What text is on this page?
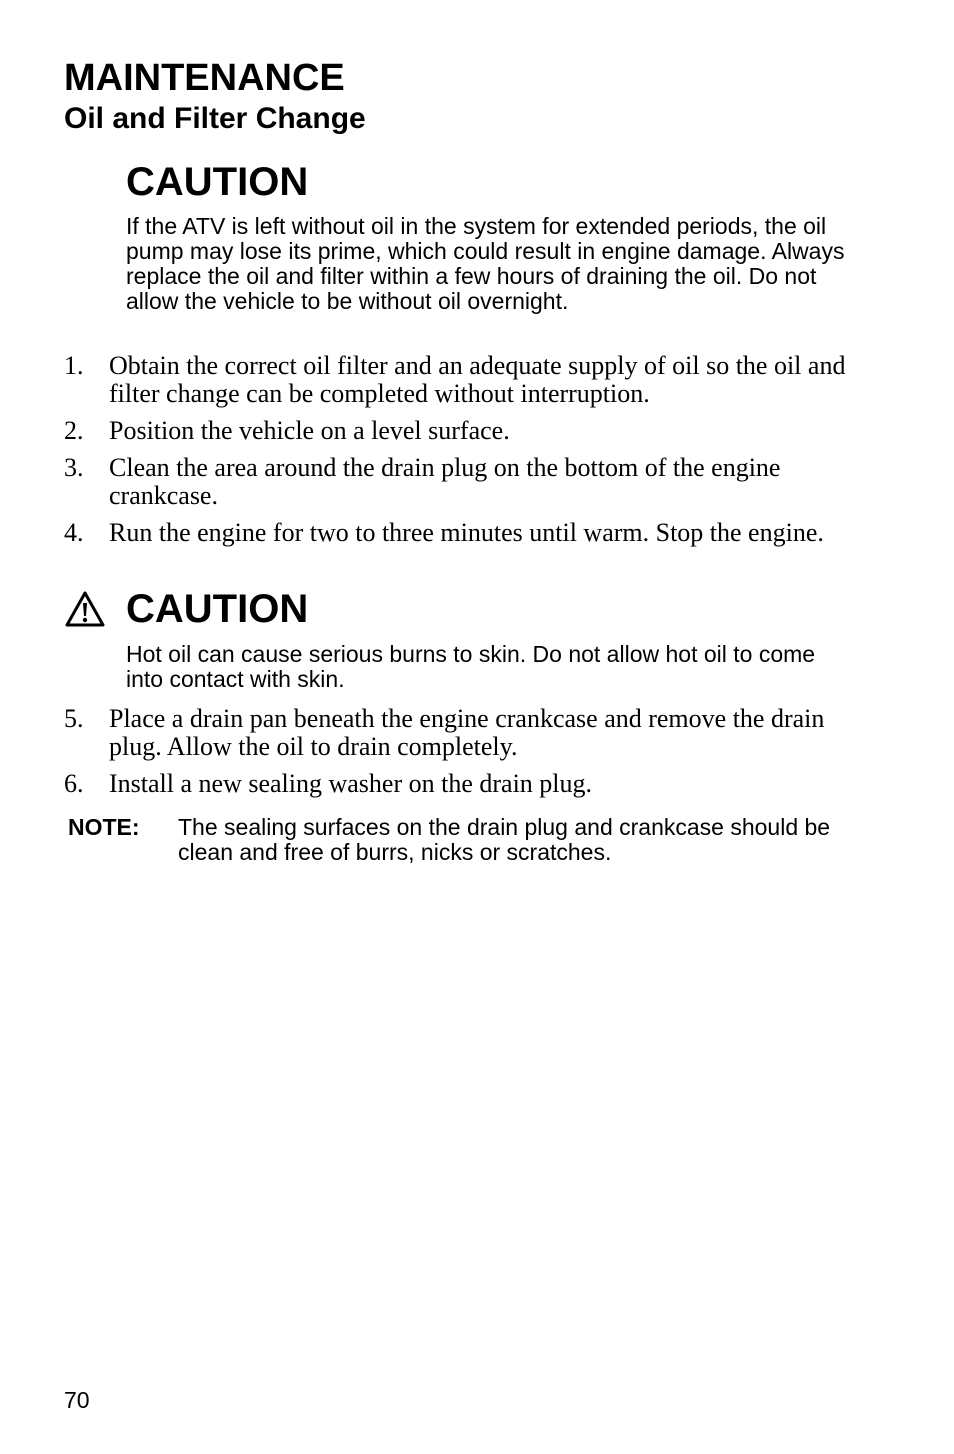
MAINTENANCE
Oil and Filter Change
CAUTION

If the ATV is left without oil in the system for extended periods, the oil pump may lose its prime, which could result in engine damage. Always replace the oil and filter within a few hours of draining the oil. Do not allow the vehicle to be without oil overnight.

1. Obtain the correct oil filter and an adequate supply of oil so the oil and filter change can be completed without interruption.
2. Position the vehicle on a level surface.
3. Clean the area around the drain plug on the bottom of the engine crankcase.
4. Run the engine for two to three minutes until warm. Stop the engine.
CAUTION

Hot oil can cause serious burns to skin. Do not allow hot oil to come into contact with skin.

5. Place a drain pan beneath the engine crankcase and remove the drain plug. Allow the oil to drain completely.
6. Install a new sealing washer on the drain plug.
NOTE: The sealing surfaces on the drain plug and crankcase should be clean and free of burrs, nicks or scratches.
70
